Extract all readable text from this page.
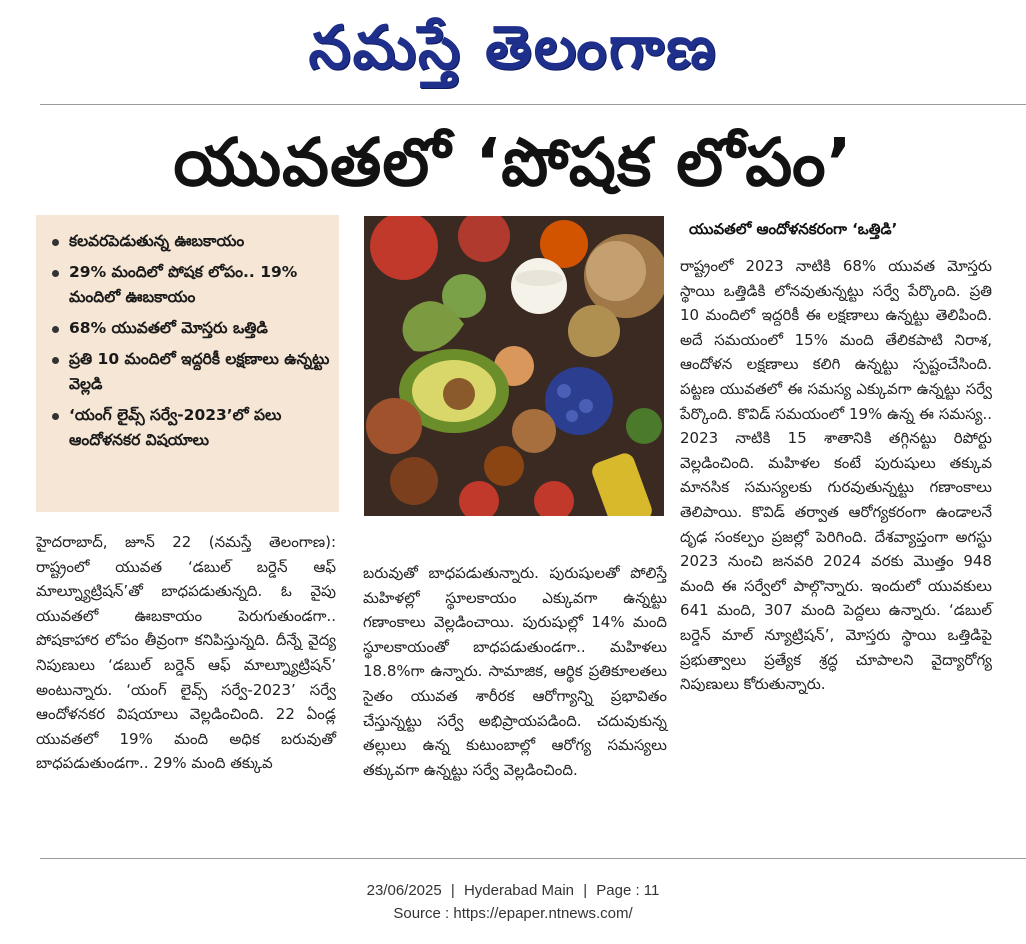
నమస్తే తెలంగాణ
యువతలో ‘పోషక లోపం’
కలవరపెడుతున్న ఊబకాయం
29% మందిలో పోషక లోపం.. 19% మందిలో ఊబకాయం
68% యువతలో మోస్తరు ఒత్తిడి
ప్రతి 10 మందిలో ఇద్దరికీ లక్షణాలు ఉన్నట్టు వెల్లడి
‘యంగ్ లైవ్స్ సర్వే-2023’లో పలు ఆందోళనకర విషయాలు
యువతలో ఆందోళనకరంగా ‘ఒత్తిడి’

హైదరాబాద్, జూన్ 22 (నమస్తే తెలంగాణ): రాష్ట్రంలో యువత ‘డబుల్ బర్డెన్ ఆఫ్ మాల్న్యూట్రిషన్’తో బాధపడుతున్నది. ఓ వైపు యువతలో ఊబకాయం పెరుగుతుండగా.. పోషకాహార లోపం తీవ్రంగా కనిపిస్తున్నది. దీన్నే వైద్య నిపుణులు ‘డబుల్ బర్డెన్ ఆఫ్ మాల్న్యూట్రిషన్’ అంటున్నారు. ‘యంగ్ లైవ్స్ సర్వే-2023’ సర్వే ఆందోళనకర విషయాలు వెల్లడించింది. 22 ఏండ్ల యువతలో 19% మంది అధిక బరువుతో బాధపడుతుండగా.. 29% మంది తక్కువ

బరువుతో బాధపడుతున్నారు. పురుషులతో పోలిస్తే మహిళల్లో స్థూలకాయం ఎక్కువగా ఉన్నట్టు గణాంకాలు వెల్లడించాయి. పురుషుల్లో 14% మంది స్థూలకాయంతో బాధపడుతుండగా.. మహిళలు 18.8%గా ఉన్నారు. సామాజిక, ఆర్థిక ప్రతికూలతలు సైతం యువత శారీరక ఆరోగ్యాన్ని ప్రభావితం చేస్తున్నట్టు సర్వే అభిప్రాయపడింది. చదువుకున్న తల్లులు ఉన్న కుటుంబాల్లో ఆరోగ్య సమస్యలు తక్కువగా ఉన్నట్టు సర్వే వెల్లడించింది.

రాష్ట్రంలో 2023 నాటికి 68% యువత మోస్తరు స్థాయి ఒత్తిడికి లోనవుతున్నట్టు సర్వే పేర్కొంది. ప్రతి 10 మందిలో ఇద్దరికీ ఈ లక్షణాలు ఉన్నట్టు తెలిపింది. అదే సమయంలో 15% మంది తేలికపాటి నిరాశ, ఆందోళన లక్షణాలు కలిగి ఉన్నట్టు స్పష్టంచేసింది. పట్టణ యువతలో ఈ సమస్య ఎక్కువగా ఉన్నట్టు సర్వే పేర్కొంది. కొవిడ్ సమయంలో 19% ఉన్న ఈ సమస్య.. 2023 నాటికి 15 శాతానికి తగ్గినట్టు రిపోర్టు వెల్లడించింది. మహిళల కంటే పురుషులు తక్కువ మానసిక సమస్యలకు గురవుతున్నట్టు గణాంకాలు తెలిపాయి. కొవిడ్ తర్వాత ఆరోగ్యకరంగా ఉండాలనే దృఢ సంకల్పం ప్రజల్లో పెరిగింది. దేశవ్యాప్తంగా అగస్టు 2023 నుంచి జనవరి 2024 వరకు మొత్తం 948 మంది ఈ సర్వేలో పాల్గొన్నారు. ఇందులో యువకులు 641 మంది, 307 మంది పెద్దలు ఉన్నారు. ‘డబుల్ బర్డెన్ మాల్ న్యూట్రిషన్’, మోస్తరు స్థాయి ఒత్తిడిపై ప్రభుత్వాలు ప్రత్యేక శ్రద్ధ చూపాలని వైద్యారోగ్య నిపుణులు కోరుతున్నారు.

23/06/2025 | Hyderabad Main | Page : 11
Source : https://epaper.ntnews.com/
